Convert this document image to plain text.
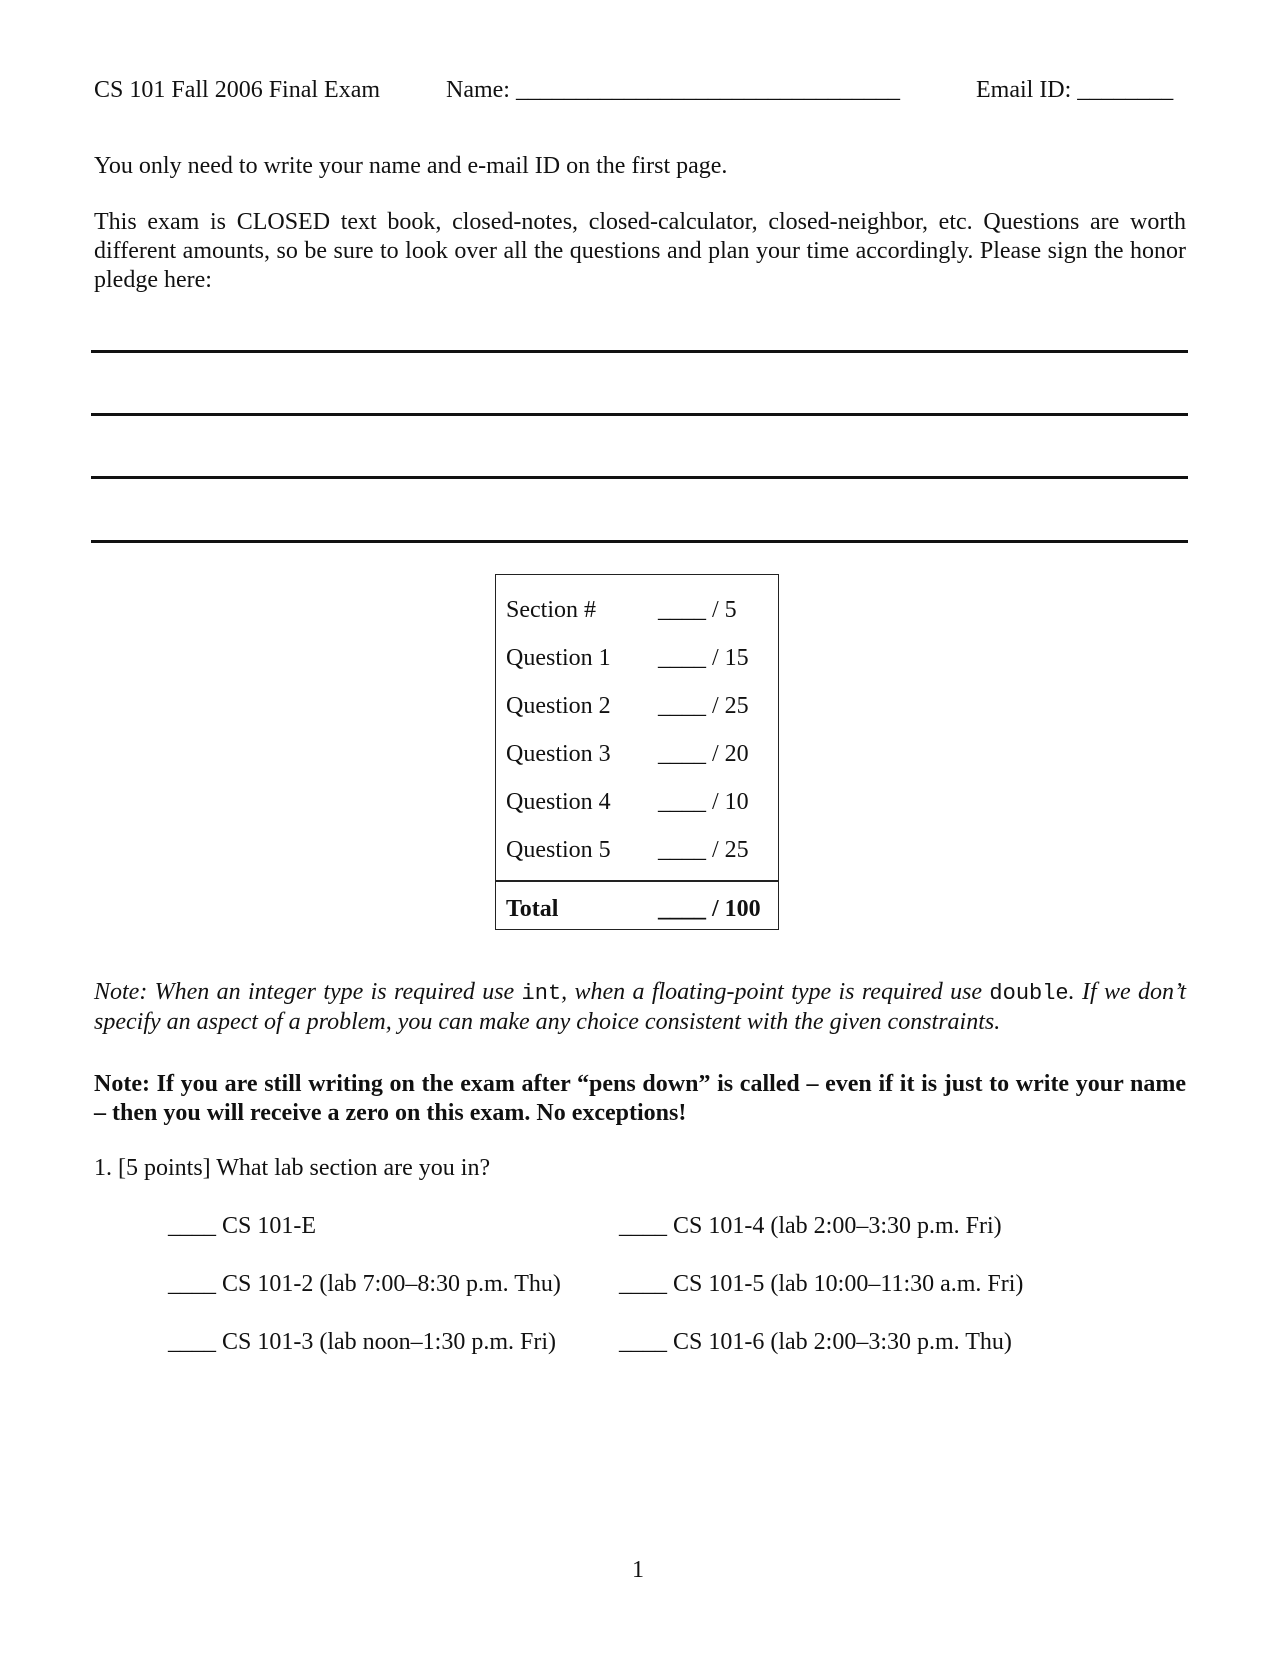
CS 101 Fall 2006 Final Exam	Name: ________________________________	Email ID: ________
You only need to write your name and e-mail ID on the first page.
This exam is CLOSED text book, closed-notes, closed-calculator, closed-neighbor, etc. Questions are worth different amounts, so be sure to look over all the questions and plan your time accordingly. Please sign the honor pledge here:
Section #	____ / 5
Question 1 ____ / 15
Question 2 ____ / 25
Question 3 ____ / 20
Question 4 ____ / 10
Question 5 ____ / 25
Total	____ / 100
Note: When an integer type is required use int, when a floating-point type is required use double. If we don’t specify an aspect of a problem, you can make any choice consistent with the given constraints.
Note: If you are still writing on the exam after “pens down” is called – even if it is just to write your name – then you will receive a zero on this exam. No exceptions!
1. [5 points] What lab section are you in?
____ CS 101-E	____ CS 101-4 (lab 2:00–3:30 p.m. Fri)
____ CS 101-2 (lab 7:00–8:30 p.m. Thu) ____ CS 101-5 (lab 10:00–11:30 a.m. Fri)
____ CS 101-3 (lab noon–1:30 p.m. Fri)	____ CS 101-6 (lab 2:00–3:30 p.m. Thu)
1
